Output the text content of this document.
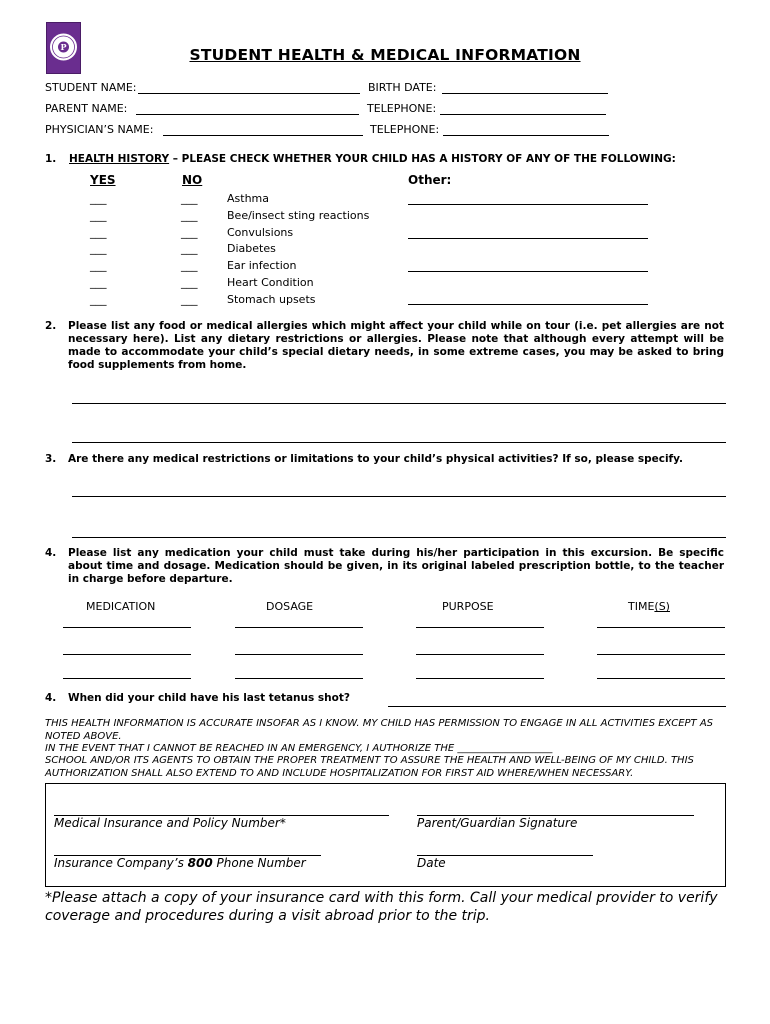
P	STUDENT HEALTH & MEDICAL INFORMATION
STUDENT NAME:	BIRTH DATE:
PARENT NAME:	TELEPHONE:
PHYSICIAN’S NAME:	TELEPHONE:
1. HEALTH HISTORY – PLEASE CHECK WHETHER YOUR CHILD HAS A HISTORY OF ANY OF THE FOLLOWING:
YES	NO	Other:
___	___	Asthma
___	___	Bee/insect sting reactions
___	___	Convulsions
___	___	Diabetes
___	___	Ear infection
___	___	Heart Condition
___	___	Stomach upsets
2. Please list any food or medical allergies which might affect your child while on tour (i.e. pet allergies are not necessary here). List any dietary restrictions or allergies. Please note that although every attempt will be made to accommodate your child’s special dietary needs, in some extreme cases, you may be asked to bring food supplements from home.
3. Are there any medical restrictions or limitations to your child’s physical activities? If so, please specify.
4. Please list any medication your child must take during his/her participation in this excursion. Be specific about time and dosage. Medication should be given, in its original labeled prescription bottle, to the teacher in charge before departure.
MEDICATION	DOSAGE	PURPOSE	TIME(S)
4. When did your child have his last tetanus shot?
THIS HEALTH INFORMATION IS ACCURATE INSOFAR AS I KNOW. MY CHILD HAS PERMISSION TO ENGAGE IN ALL ACTIVITIES EXCEPT AS NOTED ABOVE.
IN THE EVENT THAT I CANNOT BE REACHED IN AN EMERGENCY, I AUTHORIZE THE ___________________
SCHOOL AND/OR ITS AGENTS TO OBTAIN THE PROPER TREATMENT TO ASSURE THE HEALTH AND WELL-BEING OF MY CHILD. THIS AUTHORIZATION SHALL ALSO EXTEND TO AND INCLUDE HOSPITALIZATION FOR FIRST AID WHERE/WHEN NECESSARY.
Medical Insurance and Policy Number*	Parent/Guardian Signature
Insurance Company’s 800 Phone Number	Date
*Please attach a copy of your insurance card with this form. Call your medical provider to verify coverage and procedures during a visit abroad prior to the trip.
